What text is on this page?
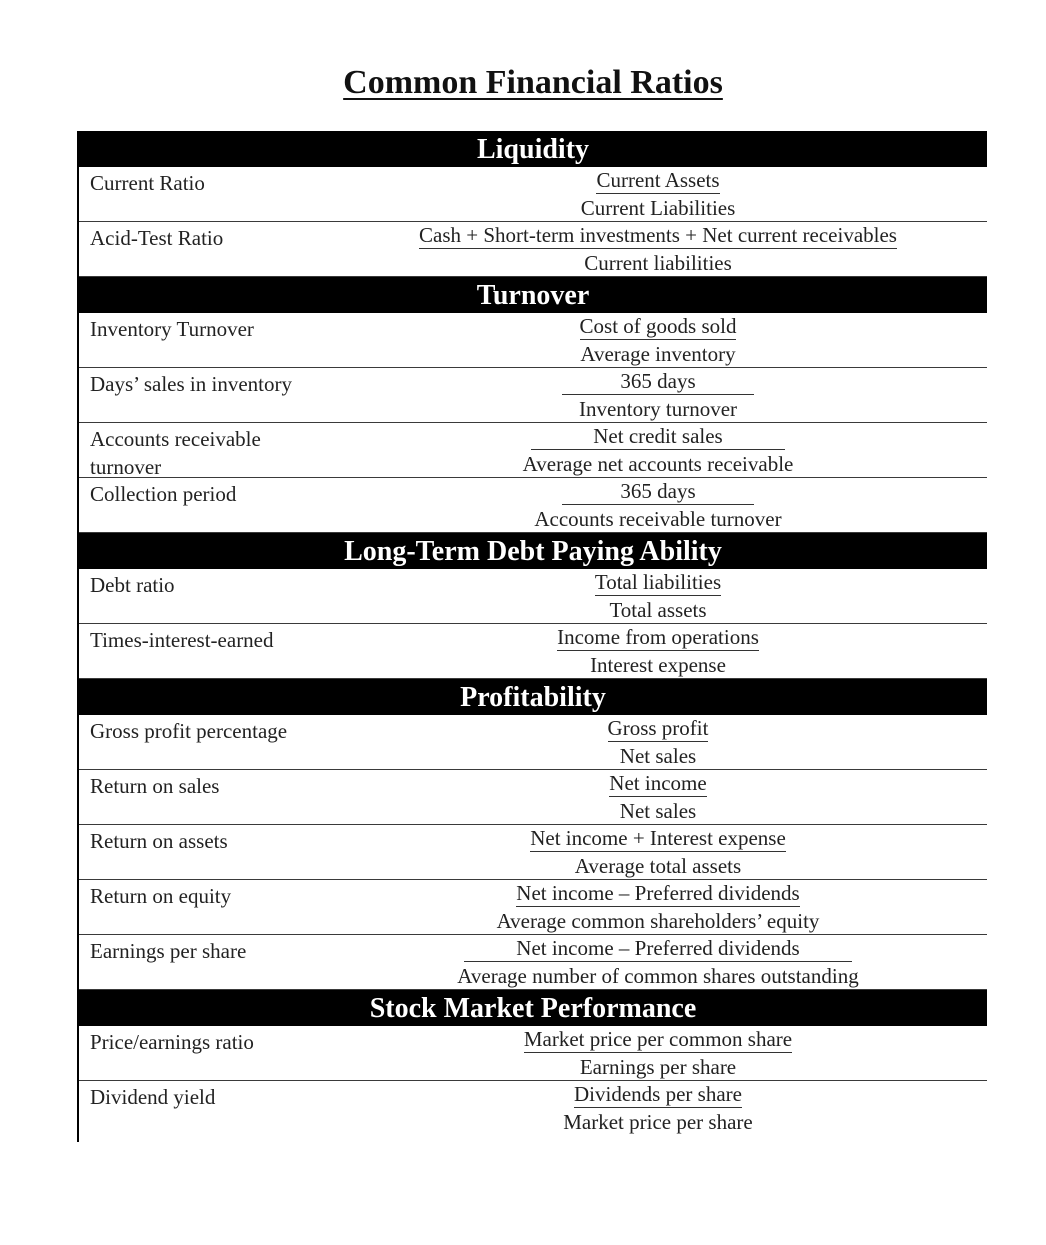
Common Financial Ratios
Liquidity
Current Ratio	$\frac{\text{Current Assets}}{\text{Current Liabilities}}$
Acid-Test Ratio	$\frac{\text{Cash + Short-term investments + Net current receivables}}{\text{Current liabilities}}$
Turnover
Inventory Turnover	$\frac{\text{Cost of goods sold}}{\text{Average inventory}}$
Days’ sales in inventory	$\frac{\text{365 days}}{\text{Inventory turnover}}$
Accounts receivable turnover	$\frac{\text{Net credit sales}}{\text{Average net accounts receivable}}$
Collection period	$\frac{\text{365 days}}{\text{Accounts receivable turnover}}$
Long-Term Debt Paying Ability
Debt ratio	$\frac{\text{Total liabilities}}{\text{Total assets}}$
Times-interest-earned	$\frac{\text{Income from operations}}{\text{Interest expense}}$
Profitability
Gross profit percentage	$\frac{\text{Gross profit}}{\text{Net sales}}$
Return on sales	$\frac{\text{Net income}}{\text{Net sales}}$
Return on assets	$\frac{\text{Net income + Interest expense}}{\text{Average total assets}}$
Return on equity	$\frac{\text{Net income – Preferred dividends}}{\text{Average common shareholders’ equity}}$
Earnings per share	$\frac{\text{Net income – Preferred dividends}}{\text{Average number of common shares outstanding}}$
Stock Market Performance
Price/earnings ratio	$\frac{\text{Market price per common share}}{\text{Earnings per share}}$
Dividend yield	$\frac{\text{Dividends per share}}{\text{Market price per share}}$
